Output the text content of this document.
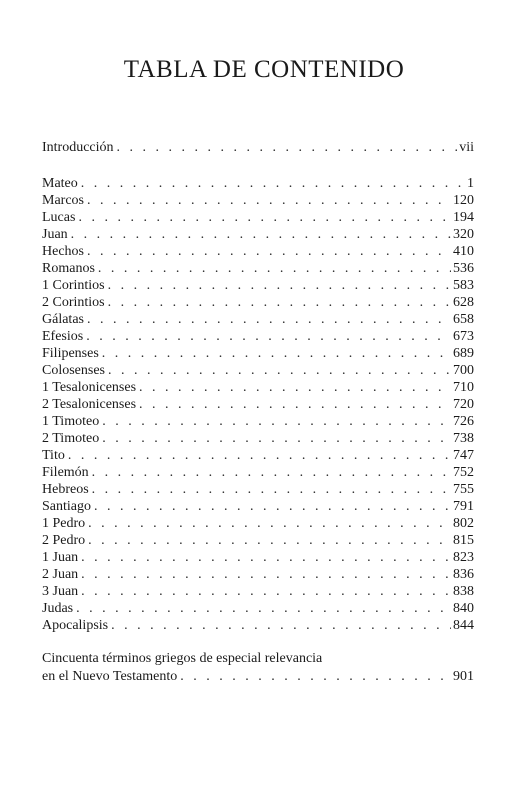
TABLA DE CONTENIDO
Introducción . . .	vii
Mateo . . .	1
Marcos . . .	120
Lucas . . .	194
Juan . . .	320
Hechos . . .	410
Romanos . . .	536
1 Corintios . . .	583
2 Corintios . . .	628
Gálatas . . .	658
Efesios . . .	673
Filipenses . . .	689
Colosenses . . .	700
1 Tesalonicenses . . .	710
2 Tesalonicenses . . .	720
1 Timoteo . . .	726
2 Timoteo . . .	738
Tito . . .	747
Filemón . . .	752
Hebreos . . .	755
Santiago . . .	791
1 Pedro . . .	802
2 Pedro . . .	815
1 Juan . . .	823
2 Juan . . .	836
3 Juan . . .	838
Judas . . .	840
Apocalipsis . . .	844
Cincuenta términos griegos de especial relevancia
en el Nuevo Testamento . . .	901
